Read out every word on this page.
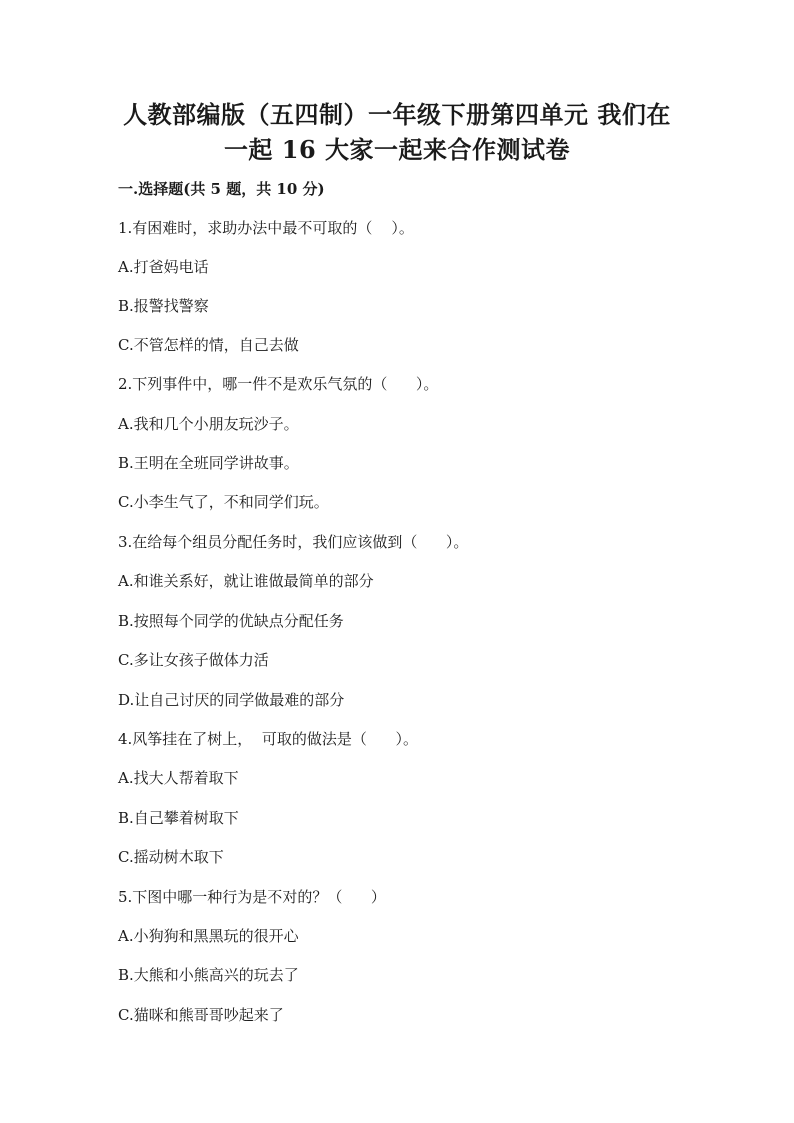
人教部编版（五四制）一年级下册第四单元 我们在
一起 16 大家一起来合作测试卷
一.选择题(共 5 题，共 10 分)
1.有困难时，求助办法中最不可取的（    ）。
A.打爸妈电话
B.报警找警察
C.不管怎样的情，自己去做
2.下列事件中，哪一件不是欢乐气氛的（      ）。
A.我和几个小朋友玩沙子。
B.王明在全班同学讲故事。
C.小李生气了，不和同学们玩。
3.在给每个组员分配任务时，我们应该做到（      ）。
A.和谁关系好，就让谁做最简单的部分
B.按照每个同学的优缺点分配任务
C.多让女孩子做体力活
D.让自己讨厌的同学做最难的部分
4.风筝挂在了树上，  可取的做法是（      ）。
A.找大人帮着取下
B.自己攀着树取下
C.摇动树木取下
5.下图中哪一种行为是不对的？（      ）
A.小狗狗和黑黑玩的很开心
B.大熊和小熊高兴的玩去了
C.猫咪和熊哥哥吵起来了
